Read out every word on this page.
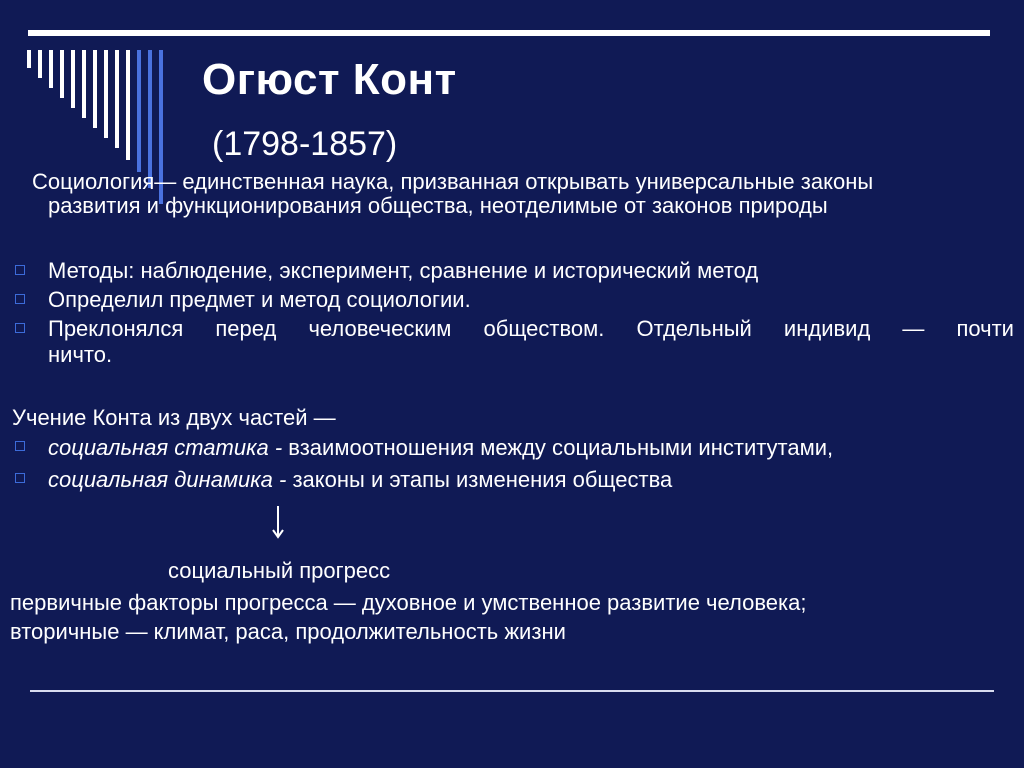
Огюст Конт
(1798-1857)
Социология— единственная наука, призванная открывать универсальные законы
развития и функционирования общества, неотделимые от законов природы
Методы: наблюдение, эксперимент, сравнение и исторический метод
Определил предмет и метод социологии.
Преклонялся перед человеческим обществом. Отдельный индивид — почти
ничто.
Учение Конта из двух частей —
социальная статика - взаимоотношения между социальными институтами,
социальная динамика - законы и этапы изменения общества
социальный прогресс
первичные факторы прогресса — духовное и умственное развитие человека;
вторичные — климат, раса, продолжительность жизни
